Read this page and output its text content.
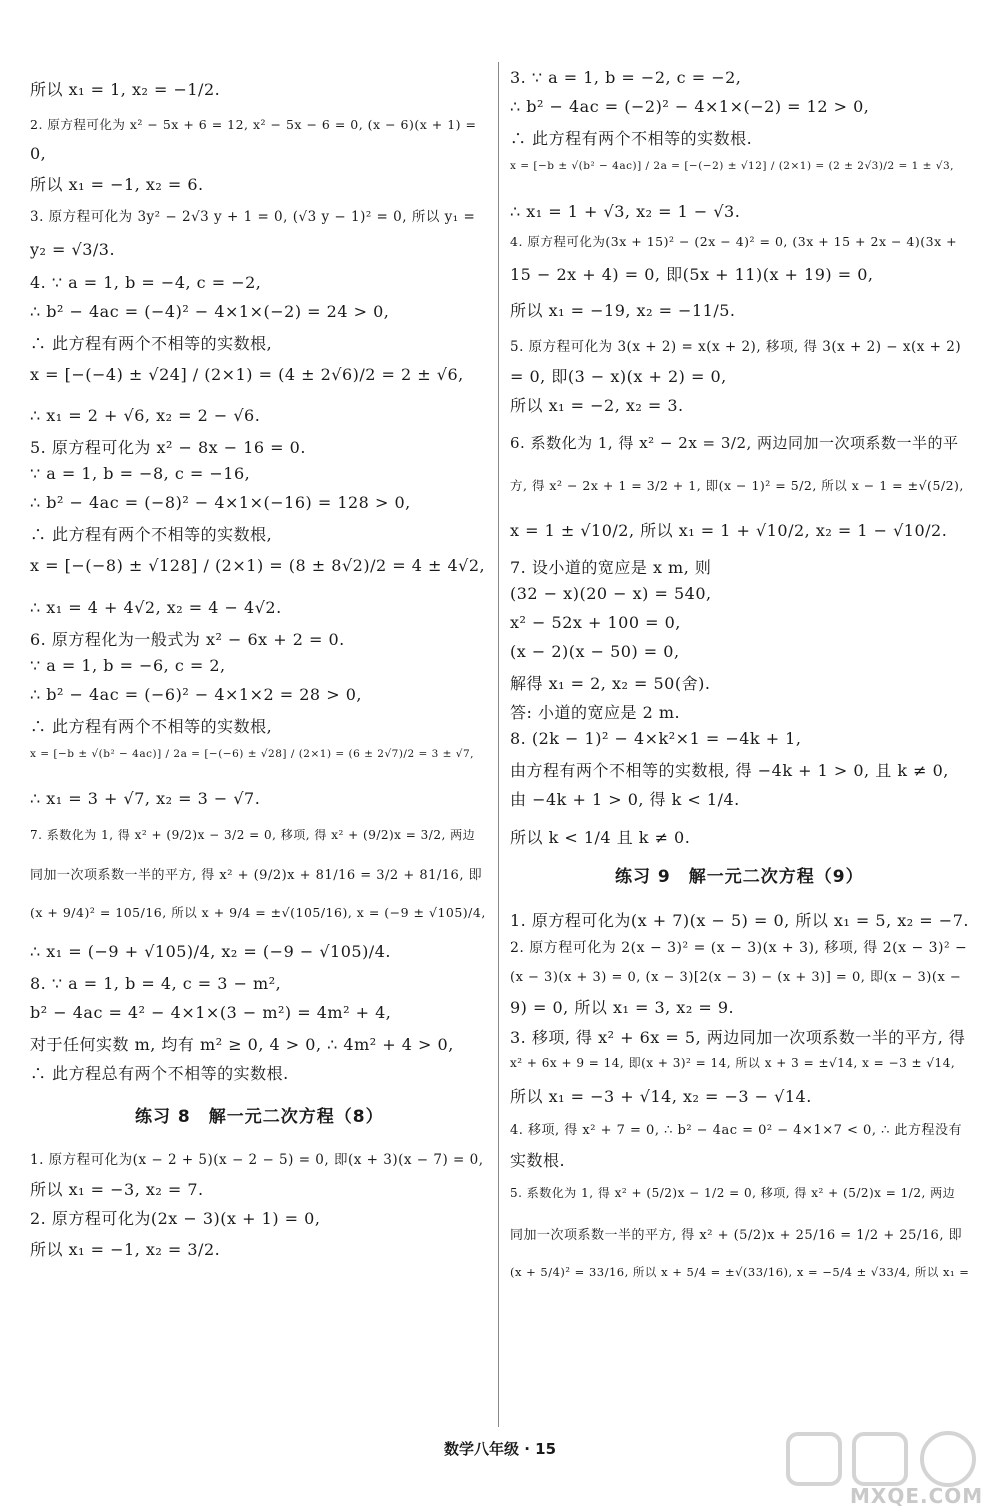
所以 x₁ = 1, x₂ = −1/2.
2. 原方程可化为 x² − 5x + 6 = 12, x² − 5x − 6 = 0, (x − 6)(x + 1) =
0,
所以 x₁ = −1, x₂ = 6.
3. 原方程可化为 3y² − 2√3 y + 1 = 0, (√3 y − 1)² = 0, 所以 y₁ =
y₂ = √3/3.
4. ∵ a = 1, b = −4, c = −2,
∴ b² − 4ac = (−4)² − 4×1×(−2) = 24 > 0,
∴ 此方程有两个不相等的实数根,
x = [−(−4) ± √24] / (2×1) = (4 ± 2√6)/2 = 2 ± √6,
∴ x₁ = 2 + √6, x₂ = 2 − √6.
5. 原方程可化为 x² − 8x − 16 = 0.
∵ a = 1, b = −8, c = −16,
∴ b² − 4ac = (−8)² − 4×1×(−16) = 128 > 0,
∴ 此方程有两个不相等的实数根,
x = [−(−8) ± √128] / (2×1) = (8 ± 8√2)/2 = 4 ± 4√2,
∴ x₁ = 4 + 4√2, x₂ = 4 − 4√2.
6. 原方程化为一般式为 x² − 6x + 2 = 0.
∵ a = 1, b = −6, c = 2,
∴ b² − 4ac = (−6)² − 4×1×2 = 28 > 0,
∴ 此方程有两个不相等的实数根,
x = [−b ± √(b² − 4ac)] / 2a = [−(−6) ± √28] / (2×1) = (6 ± 2√7)/2 = 3 ± √7,
∴ x₁ = 3 + √7, x₂ = 3 − √7.
7. 系数化为 1, 得 x² + (9/2)x − 3/2 = 0, 移项, 得 x² + (9/2)x = 3/2, 两边
同加一次项系数一半的平方, 得 x² + (9/2)x + 81/16 = 3/2 + 81/16, 即
(x + 9/4)² = 105/16, 所以 x + 9/4 = ±√(105/16), x = (−9 ± √105)/4,
∴ x₁ = (−9 + √105)/4, x₂ = (−9 − √105)/4.
8. ∵ a = 1, b = 4, c = 3 − m²,
b² − 4ac = 4² − 4×1×(3 − m²) = 4m² + 4,
对于任何实数 m, 均有 m² ≥ 0, 4 > 0, ∴ 4m² + 4 > 0,
∴ 此方程总有两个不相等的实数根.
练习 8　解一元二次方程（8）
1. 原方程可化为(x − 2 + 5)(x − 2 − 5) = 0, 即(x + 3)(x − 7) = 0,
所以 x₁ = −3, x₂ = 7.
2. 原方程可化为(2x − 3)(x + 1) = 0,
所以 x₁ = −1, x₂ = 3/2.
3. ∵ a = 1, b = −2, c = −2,
∴ b² − 4ac = (−2)² − 4×1×(−2) = 12 > 0,
∴ 此方程有两个不相等的实数根.
x = [−b ± √(b² − 4ac)] / 2a = [−(−2) ± √12] / (2×1) = (2 ± 2√3)/2 = 1 ± √3,
∴ x₁ = 1 + √3, x₂ = 1 − √3.
4. 原方程可化为(3x + 15)² − (2x − 4)² = 0, (3x + 15 + 2x − 4)(3x +
15 − 2x + 4) = 0, 即(5x + 11)(x + 19) = 0,
所以 x₁ = −19, x₂ = −11/5.
5. 原方程可化为 3(x + 2) = x(x + 2), 移项, 得 3(x + 2) − x(x + 2)
= 0, 即(3 − x)(x + 2) = 0,
所以 x₁ = −2, x₂ = 3.
6. 系数化为 1, 得 x² − 2x = 3/2, 两边同加一次项系数一半的平
方, 得 x² − 2x + 1 = 3/2 + 1, 即(x − 1)² = 5/2, 所以 x − 1 = ±√(5/2),
x = 1 ± √10/2, 所以 x₁ = 1 + √10/2, x₂ = 1 − √10/2.
7. 设小道的宽应是 x m, 则
(32 − x)(20 − x) = 540,
x² − 52x + 100 = 0,
(x − 2)(x − 50) = 0,
解得 x₁ = 2, x₂ = 50(舍).
答: 小道的宽应是 2 m.
8. (2k − 1)² − 4×k²×1 = −4k + 1,
由方程有两个不相等的实数根, 得 −4k + 1 > 0, 且 k ≠ 0,
由 −4k + 1 > 0, 得 k < 1/4.
所以 k < 1/4 且 k ≠ 0.
练习 9　解一元二次方程（9）
1. 原方程可化为(x + 7)(x − 5) = 0, 所以 x₁ = 5, x₂ = −7.
2. 原方程可化为 2(x − 3)² = (x − 3)(x + 3), 移项, 得 2(x − 3)² −
(x − 3)(x + 3) = 0, (x − 3)[2(x − 3) − (x + 3)] = 0, 即(x − 3)(x −
9) = 0, 所以 x₁ = 3, x₂ = 9.
3. 移项, 得 x² + 6x = 5, 两边同加一次项系数一半的平方, 得
x² + 6x + 9 = 14, 即(x + 3)² = 14, 所以 x + 3 = ±√14, x = −3 ± √14,
所以 x₁ = −3 + √14, x₂ = −3 − √14.
4. 移项, 得 x² + 7 = 0, ∴ b² − 4ac = 0² − 4×1×7 < 0, ∴ 此方程没有
实数根.
5. 系数化为 1, 得 x² + (5/2)x − 1/2 = 0, 移项, 得 x² + (5/2)x = 1/2, 两边
同加一次项系数一半的平方, 得 x² + (5/2)x + 25/16 = 1/2 + 25/16, 即
(x + 5/4)² = 33/16, 所以 x + 5/4 = ±√(33/16), x = −5/4 ± √33/4, 所以 x₁ =
数学八年级 · 15
MXQE.COM
